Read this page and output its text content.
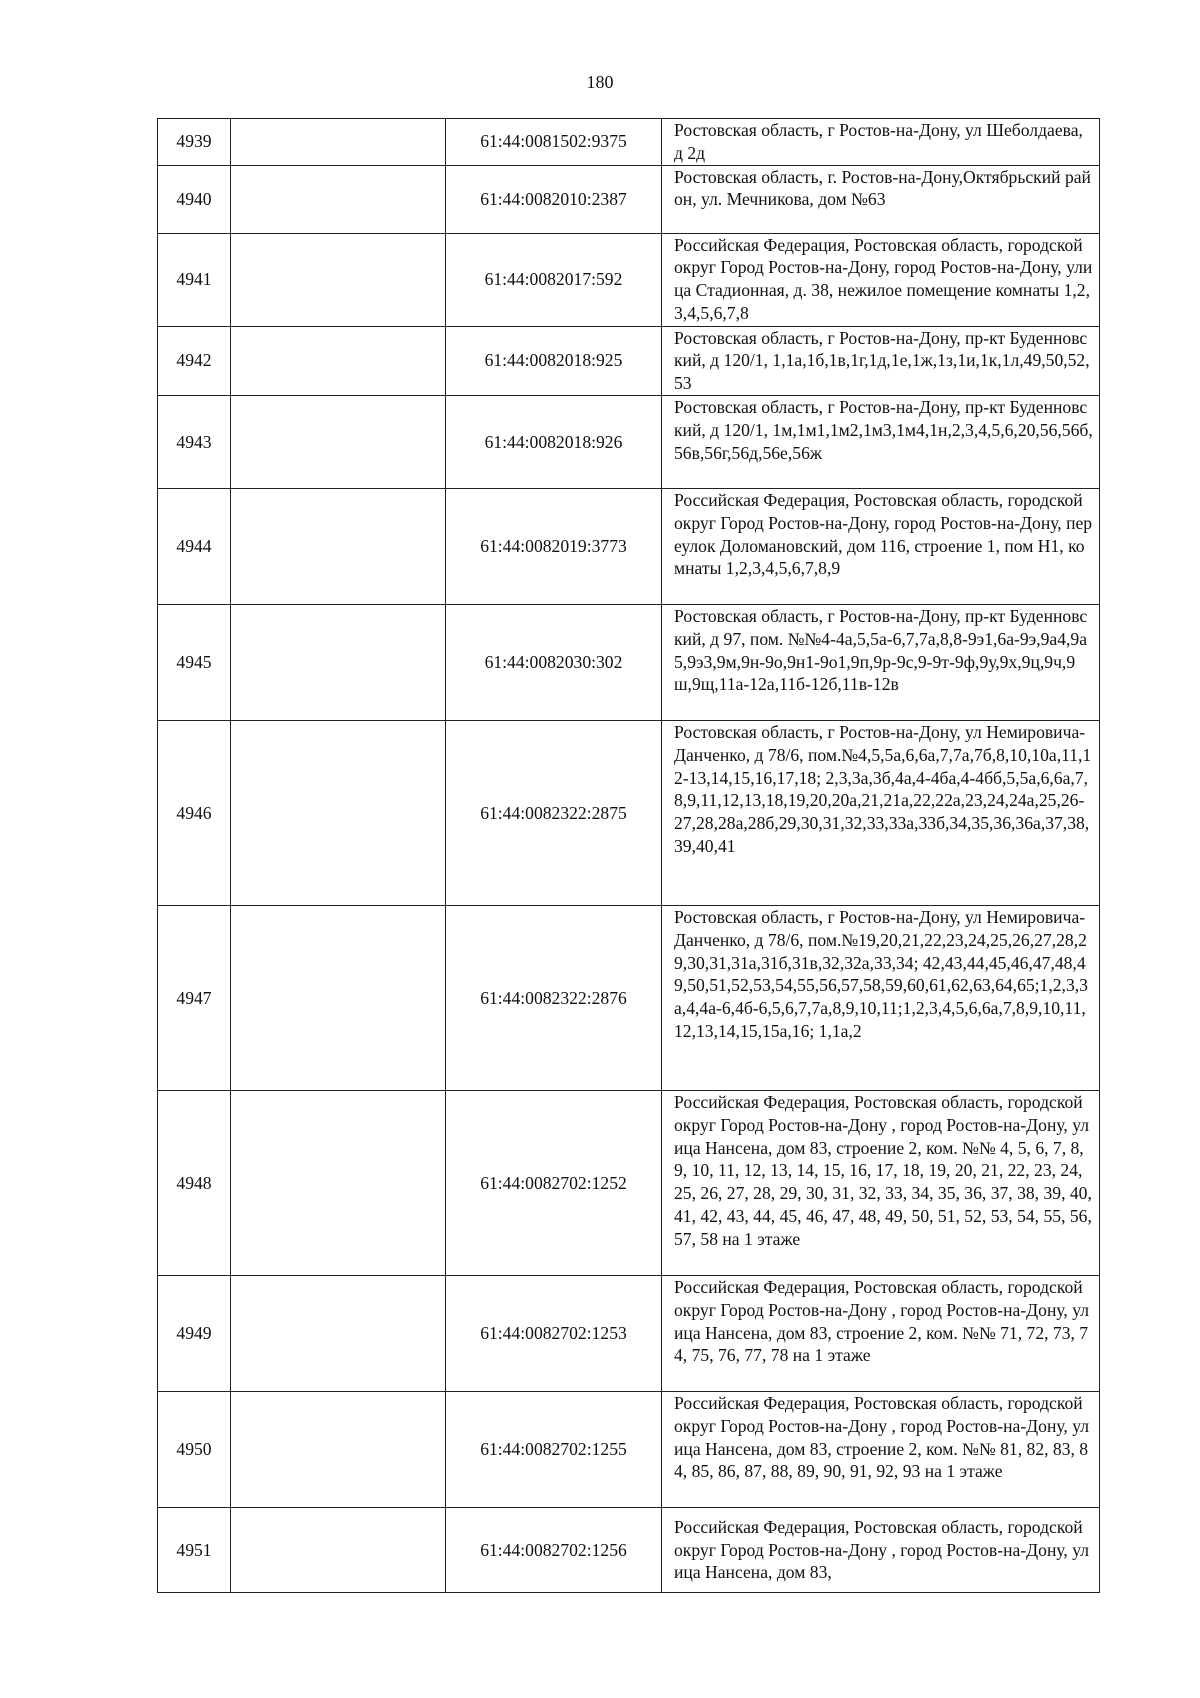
180
4939		61:44:0081502:9375	Ростовская область, г Ростов-на-Дону, ул Шеболдаева, д 2д
4940		61:44:0082010:2387	Ростовская область, г. Ростов-на-Дону,Октябрьский район, ул. Мечникова, дом №63
4941		61:44:0082017:592	Российская Федерация, Ростовская область, городской округ Город Ростов-на-Дону, город Ростов-на-Дону, улица Стадионная, д. 38, нежилое помещение комнаты 1,2,3,4,5,6,7,8
4942		61:44:0082018:925	Ростовская область, г Ростов-на-Дону, пр-кт Буденновский, д 120/1, 1,1а,1б,1в,1г,1д,1е,1ж,1з,1и,1к,1л,49,50,52,53
4943		61:44:0082018:926	Ростовская область, г Ростов-на-Дону, пр-кт Буденновский, д 120/1, 1м,1м1,1м2,1м3,1м4,1н,2,3,4,5,6,20,56,56б,56в,56г,56д,56е,56ж
4944		61:44:0082019:3773	Российская Федерация, Ростовская область, городской округ Город Ростов-на-Дону, город Ростов-на-Дону, переулок Доломановский, дом 116, строение 1, пом Н1, комнаты 1,2,3,4,5,6,7,8,9
4945		61:44:0082030:302	Ростовская область, г Ростов-на-Дону, пр-кт Буденновский, д 97, пом. №№4-4а,5,5а-6,7,7а,8,8-9э1,6а-9э,9а4,9а5,9э3,9м,9н-9о,9н1-9о1,9п,9р-9с,9-9т-9ф,9у,9х,9ц,9ч,9ш,9щ,11а-12а,11б-12б,11в-12в
4946		61:44:0082322:2875	Ростовская область, г Ростов-на-Дону, ул Немировича-Данченко, д 78/6, пом.№4,5,5а,6,6а,7,7а,7б,8,10,10а,11,12-13,14,15,16,17,18; 2,3,3а,3б,4а,4-4ба,4-4бб,5,5а,6,6а,7,8,9,11,12,13,18,19,20,20а,21,21а,22,22а,23,24,24а,25,26-27,28,28а,28б,29,30,31,32,33,33а,33б,34,35,36,36а,37,38,39,40,41
4947		61:44:0082322:2876	Ростовская область, г Ростов-на-Дону, ул Немировича-Данченко, д 78/6, пом.№19,20,21,22,23,24,25,26,27,28,29,30,31,31а,31б,31в,32,32а,33,34; 42,43,44,45,46,47,48,49,50,51,52,53,54,55,56,57,58,59,60,61,62,63,64,65;1,2,3,3а,4,4а-6,4б-6,5,6,7,7а,8,9,10,11;1,2,3,4,5,6,6а,7,8,9,10,11,12,13,14,15,15а,16; 1,1а,2
4948		61:44:0082702:1252	Российская Федерация, Ростовская область, городской округ Город Ростов-на-Дону , город Ростов-на-Дону, улица Нансена, дом 83, строение 2, ком. №№ 4, 5, 6, 7, 8, 9, 10, 11, 12, 13, 14, 15, 16, 17, 18, 19, 20, 21, 22, 23, 24, 25, 26, 27, 28, 29, 30, 31, 32, 33, 34, 35, 36, 37, 38, 39, 40, 41, 42, 43, 44, 45, 46, 47, 48, 49, 50, 51, 52, 53, 54, 55, 56, 57, 58 на 1 этаже
4949		61:44:0082702:1253	Российская Федерация, Ростовская область, городской округ Город Ростов-на-Дону , город Ростов-на-Дону, улица Нансена, дом 83, строение 2, ком. №№ 71, 72, 73, 74, 75, 76, 77, 78 на 1 этаже
4950		61:44:0082702:1255	Российская Федерация, Ростовская область, городской округ Город Ростов-на-Дону , город Ростов-на-Дону, улица Нансена, дом 83, строение 2, ком. №№ 81, 82, 83, 84, 85, 86, 87, 88, 89, 90, 91, 92, 93 на 1 этаже
4951		61:44:0082702:1256	Российская Федерация, Ростовская область, городской округ Город Ростов-на-Дону , город Ростов-на-Дону, улица Нансена, дом 83,
